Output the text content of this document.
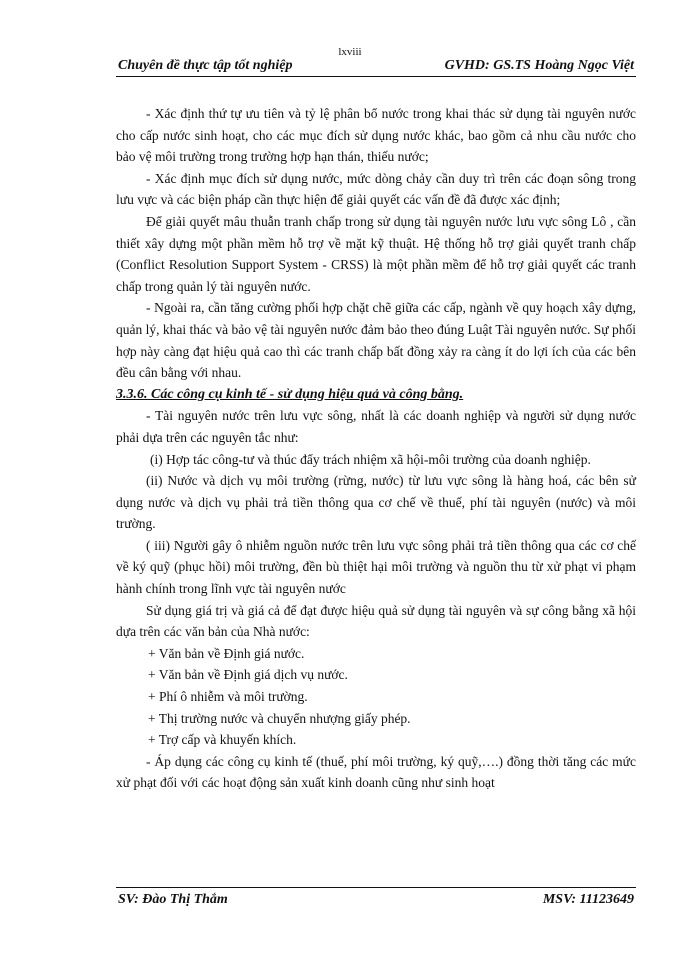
lxviii
Chuyên đề thực tập tốt nghiệp	GVHD: GS.TS Hoàng Ngọc Việt

- Xác định thứ tự ưu tiên và tỷ lệ phân bổ nước trong khai thác sử dụng tài nguyên nước cho cấp nước sinh hoạt, cho các mục đích sử dụng nước khác, bao gồm cả nhu cầu nước cho bảo vệ môi trường trong trường hợp hạn thán, thiếu nước;

- Xác định mục đích sử dụng nước, mức dòng chảy cần duy trì trên các đoạn sông trong lưu vực và các biện pháp cần thực hiện để giải quyết các vấn đề đã được xác định;

Để giải quyết mâu thuẫn tranh chấp trong sử dụng tài nguyên nước lưu vực sông Lô , cần thiết xây dựng một phần mềm hỗ trợ về mặt kỹ thuật. Hệ thống hỗ trợ giải quyết tranh chấp (Conflict Resolution Support System - CRSS) là một phần mềm để hỗ trợ giải quyết các tranh chấp trong quản lý tài nguyên nước.

- Ngoài ra, cần tăng cường phối hợp chặt chẽ giữa các cấp, ngành về quy hoạch xây dựng, quản lý, khai thác và bảo vệ tài nguyên nước đảm bảo theo đúng Luật Tài nguyên nước. Sự phối hợp này càng đạt hiệu quả cao thì các tranh chấp bất đồng xảy ra càng ít do lợi ích của các bên đều cân bằng với nhau.

3.3.6. Các công cụ kinh tế - sử dụng hiệu quả và công bằng.

- Tài nguyên nước trên lưu vực sông, nhất là các doanh nghiệp và người sử dụng nước phải dựa trên các nguyên tắc như:

(i) Hợp tác công-tư và thúc đẩy trách nhiệm xã hội-môi trường của doanh nghiệp.

(ii) Nước và dịch vụ môi trường (rừng, nước) từ lưu vực sông là hàng hoá, các bên sử dụng nước và dịch vụ phải trả tiền thông qua cơ chế về thuế, phí tài nguyên (nước) và môi trường.

( iii) Người gây ô nhiễm nguồn nước trên lưu vực sông phải trả tiền thông qua các cơ chế về ký quỹ (phục hồi) môi trường, đền bù thiệt hại môi trường và nguồn thu từ xử phạt vi phạm hành chính trong lĩnh vực tài nguyên nước

Sử dụng giá trị và giá cả để đạt được hiệu quả sử dụng tài nguyên và sự công bằng xã hội dựa trên các văn bản của Nhà nước:

+ Văn bản về Định giá nước.

+ Văn bản về Định giá dịch vụ nước.

+ Phí ô nhiễm và môi trường.

+ Thị trường nước và chuyển nhượng giấy phép.

+ Trợ cấp và khuyến khích.

- Áp dụng các công cụ kinh tế (thuế, phí môi trường, ký quỹ,….) đồng thời tăng các mức xử phạt đối với các hoạt động sản xuất kinh doanh cũng như sinh hoạt

SV: Đào Thị Thắm	MSV: 11123649
